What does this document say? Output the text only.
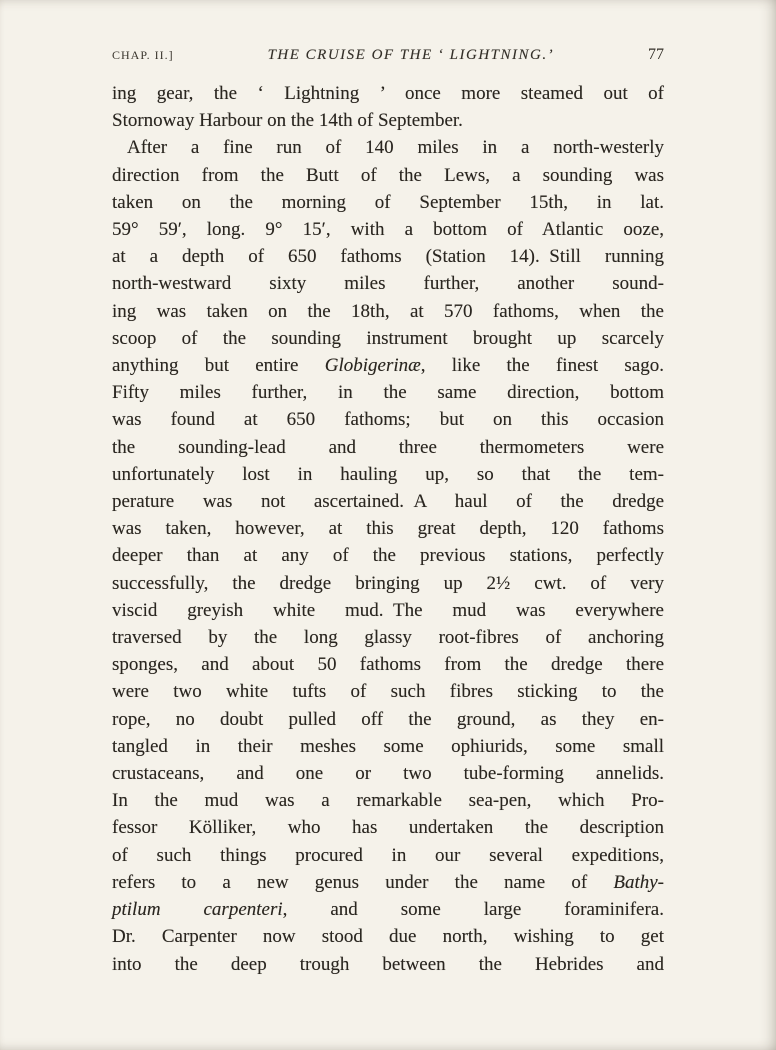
CHAP. II.]	THE CRUISE OF THE ‘ LIGHTNING.’	77
ing gear, the ‘ Lightning ’ once more steamed out of
Stornoway Harbour on the 14th of September.
After a fine run of 140 miles in a north-westerly
direction from the Butt of the Lews, a sounding was
taken on the morning of September 15th, in lat.
59° 59′, long. 9° 15′, with a bottom of Atlantic ooze,
at a depth of 650 fathoms (Station 14). Still running
north-westward sixty miles further, another sound-
ing was taken on the 18th, at 570 fathoms, when the
scoop of the sounding instrument brought up scarcely
anything but entire Globigerinæ, like the finest sago.
Fifty miles further, in the same direction, bottom
was found at 650 fathoms; but on this occasion
the sounding-lead and three thermometers were
unfortunately lost in hauling up, so that the tem-
perature was not ascertained. A haul of the dredge
was taken, however, at this great depth, 120 fathoms
deeper than at any of the previous stations, perfectly
successfully, the dredge bringing up 2½ cwt. of very
viscid greyish white mud. The mud was everywhere
traversed by the long glassy root-fibres of anchoring
sponges, and about 50 fathoms from the dredge there
were two white tufts of such fibres sticking to the
rope, no doubt pulled off the ground, as they en-
tangled in their meshes some ophiurids, some small
crustaceans, and one or two tube-forming annelids.
In the mud was a remarkable sea-pen, which Pro-
fessor Kölliker, who has undertaken the description
of such things procured in our several expeditions,
refers to a new genus under the name of Bathy-
ptilum carpenteri, and some large foraminifera.
Dr. Carpenter now stood due north, wishing to get
into the deep trough between the Hebrides and
